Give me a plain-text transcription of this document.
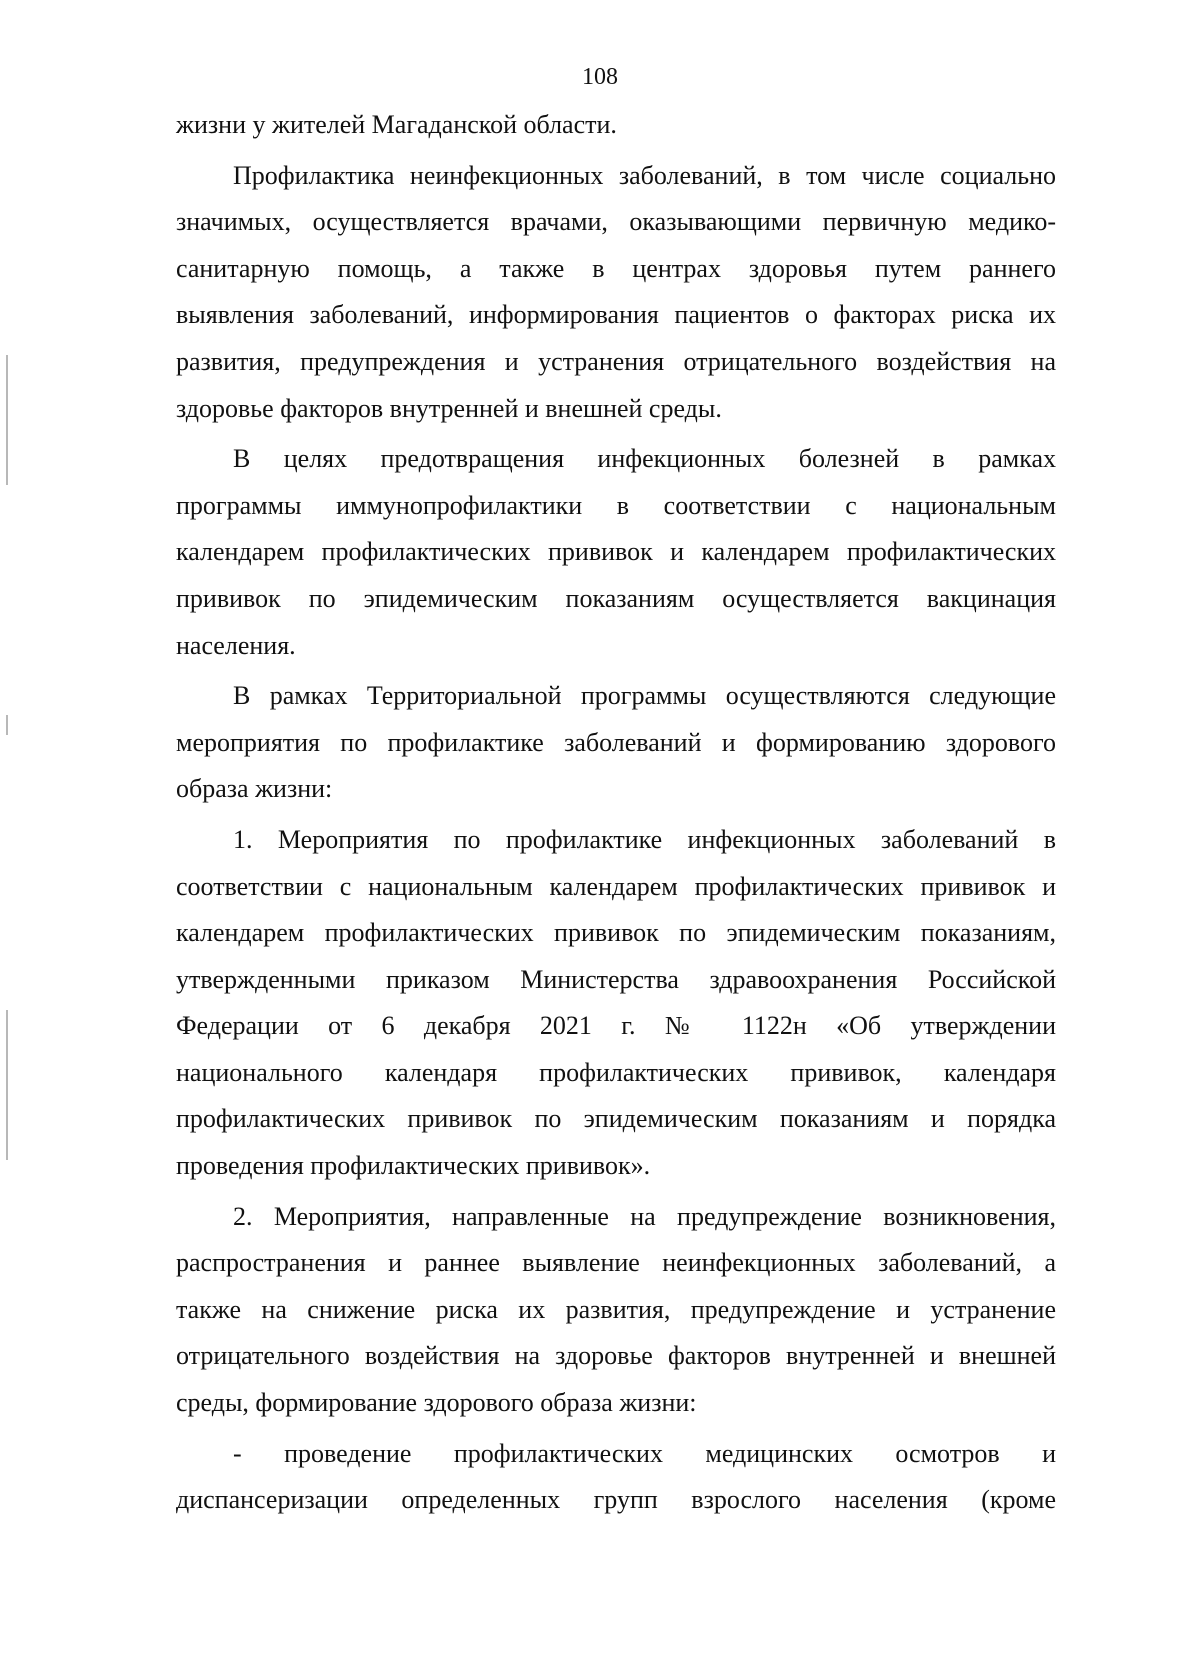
108
жизни у жителей Магаданской области.
Профилактика неинфекционных заболеваний, в том числе социально
значимых, осуществляется врачами, оказывающими первичную медико-
санитарную помощь, а также в центрах здоровья путем раннего
выявления заболеваний, информирования пациентов о факторах риска их
развития, предупреждения и устранения отрицательного воздействия на
здоровье факторов внутренней и внешней среды.
В целях предотвращения инфекционных болезней в рамках
программы иммунопрофилактики в соответствии с национальным
календарем профилактических прививок и календарем профилактических
прививок по эпидемическим показаниям осуществляется вакцинация
населения.
В рамках Территориальной программы осуществляются следующие
мероприятия по профилактике заболеваний и формированию здорового
образа жизни:
1. Мероприятия по профилактике инфекционных заболеваний в
соответствии с национальным календарем профилактических прививок и
календарем профилактических прививок по эпидемическим показаниям,
утвержденными приказом Министерства здравоохранения Российской
Федерации от 6 декабря 2021 г. № 1122н «Об утверждении
национального календаря профилактических прививок, календаря
профилактических прививок по эпидемическим показаниям и порядка
проведения профилактических прививок».
2. Мероприятия, направленные на предупреждение возникновения,
распространения и раннее выявление неинфекционных заболеваний, а
также на снижение риска их развития, предупреждение и устранение
отрицательного воздействия на здоровье факторов внутренней и внешней
среды, формирование здорового образа жизни:
- проведение профилактических медицинских осмотров и
диспансеризации определенных групп взрослого населения (кроме
